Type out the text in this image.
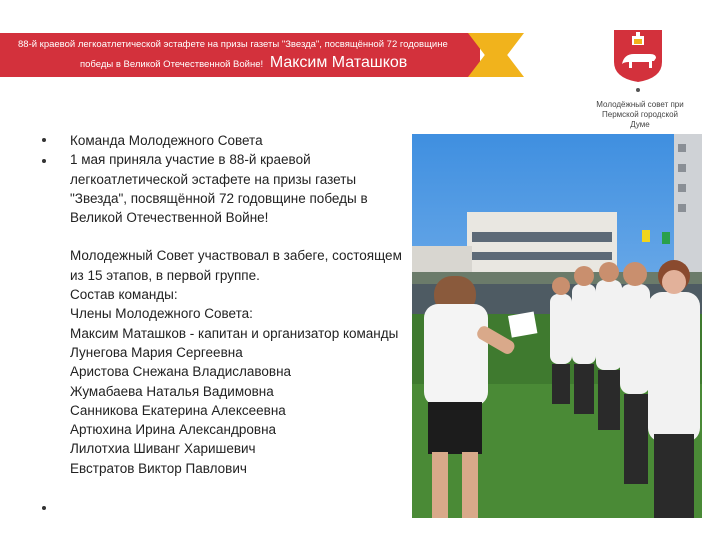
88-й краевой легкоатлетической эстафете на призы газеты "Звезда", посвящённой 72 годовщине
победы в Великой Отечественной Войне! Максим Маташков
Молодёжный совет при
Пермской городской
Думе

Команда Молодежного Совета

1 мая приняла участие в 88-й краевой легкоатлетической эстафете на призы газеты "Звезда", посвящённой 72 годовщине победы в Великой Отечественной Войне!

Молодежный Совет участвовал в забеге, состоящем из 15 этапов, в первой группе.

Состав команды:

Члены Молодежного Совета:

Максим Маташков - капитан и организатор команды

Лунегова Мария Сергеевна

Аристова Снежана Владиславовна

Жумабаева Наталья Вадимовна

Санникова Екатерина Алексеевна

Артюхина Ирина Александровна

Лилотхиа Шиванг Харишевич

Евстратов Виктор Павлович
